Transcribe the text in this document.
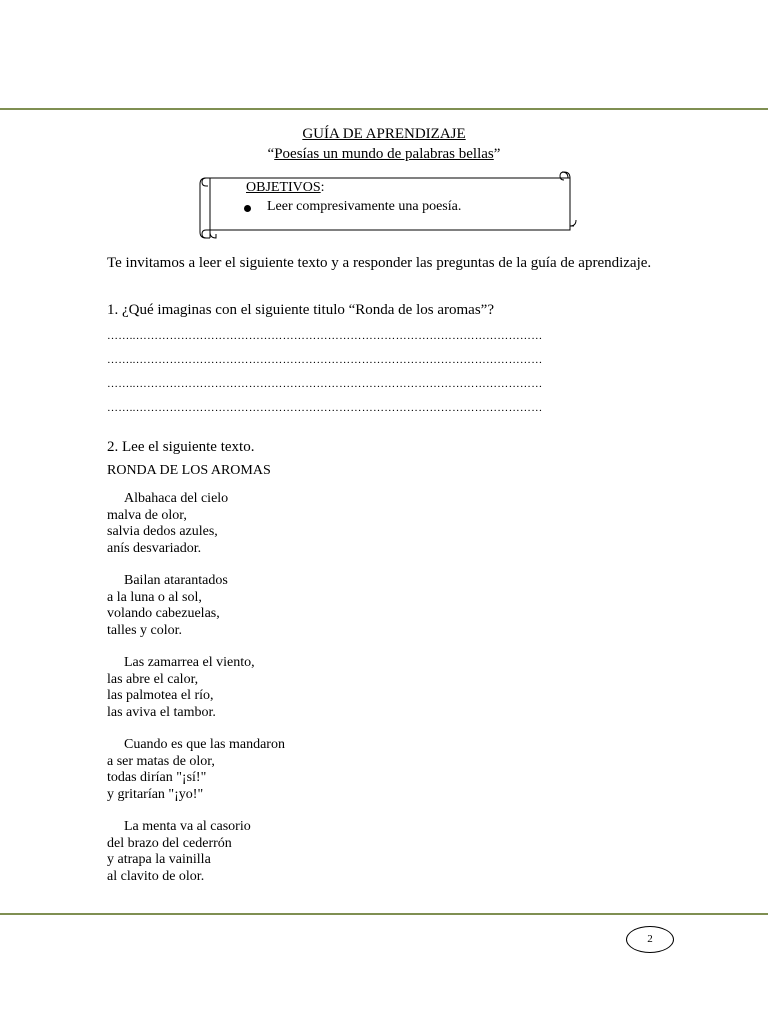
GUÍA DE APRENDIZAJE
“Poesías un mundo de palabras bellas”
OBJETIVOS:
Leer compresivamente una poesía.
Te invitamos a leer el siguiente texto y a responder las preguntas de la guía de aprendizaje.
1. ¿Qué imaginas con el siguiente titulo “Ronda de los aromas”?
……..………………………………………………………………………………………………
……..………………………………………………………………………………………………
……..………………………………………………………………………………………………
……..………………………………………………………………………………………………
2. Lee el siguiente texto.
RONDA DE LOS AROMAS
Albahaca del cielo
malva de olor,
salvia dedos azules,
anís desvariador.
Bailan atarantados
a la luna o al sol,
volando cabezuelas,
talles y color.
Las zamarrea el viento,
las abre el calor,
las palmotea el río,
las aviva el tambor.
Cuando es que las mandaron
a ser matas de olor,
todas dirían "¡sí!"
y gritarían "¡yo!"
La menta va al casorio
del brazo del cederrón
y atrapa la vainilla
al clavito de olor.
2
